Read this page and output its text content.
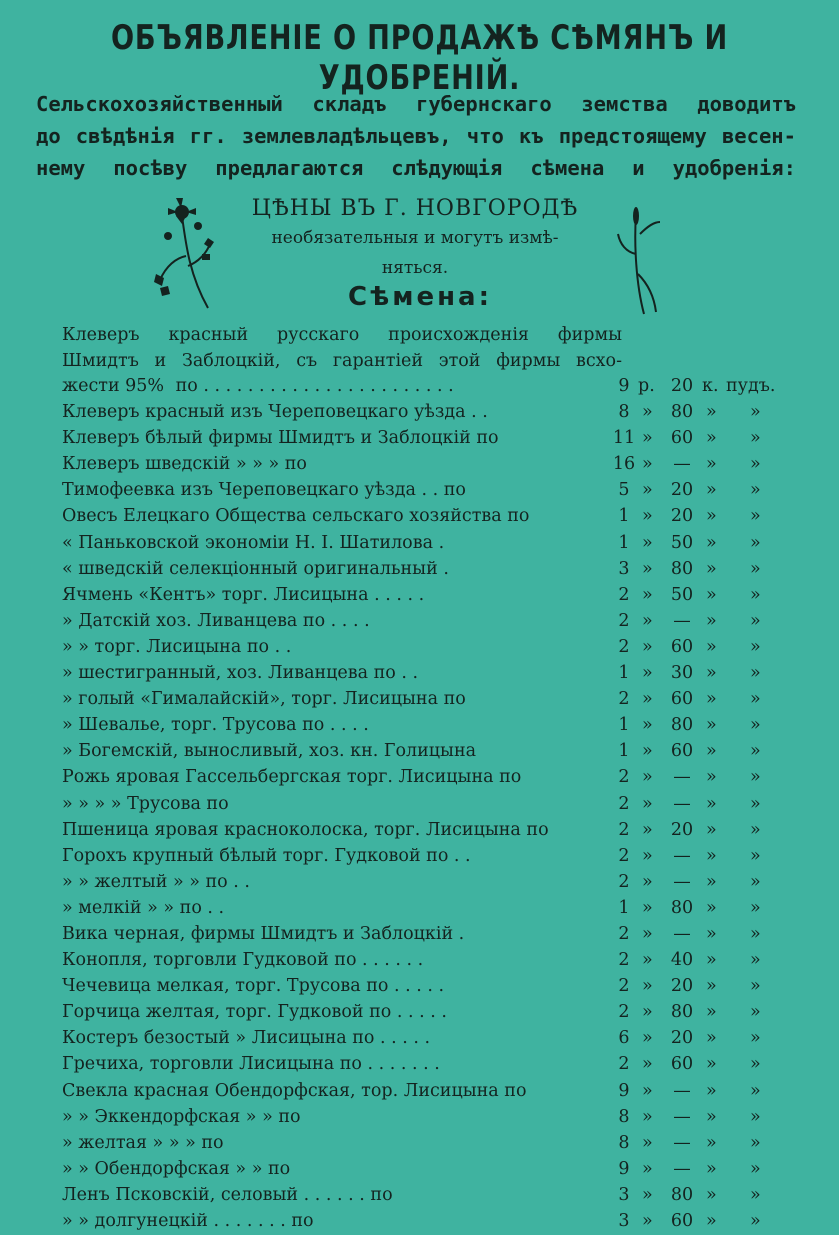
ОБЪЯВЛЕНІЕ О ПРОДАЖѢ СѢМЯНЪ И УДОБРЕНІЙ.
Сельскохозяйственный складъ губернскаго земства доводитъ
до свѣдѣнія гг. землевладѣльцевъ, что къ предстоящему весен-
нему посѣву предлагаются слѣдующія сѣмена и удобренія:
ЦѢНЫ ВЪ Г. НОВГОРОДѢ
необязательныя и могутъ измѣ-
няться.
Сѣмена:
Клеверъ красный русскаго происхожденія фирмы
Шмидтъ и Заблоцкій, съ гарантіей этой фирмы всхо-
жести 95% по . . . . . . . . . . . . . . . . . . . . . . .	9 р. 20 к. пудъ.
Клеверъ красный изъ Череповецкаго уѣзда . .	8 » 80 » »
Клеверъ бѣлый фирмы Шмидтъ и Заблоцкій по	11 » 60 » »
Клеверъ шведскій » » » по	16 »	— » »
Тимофеевка изъ Череповецкаго уѣзда . . по	5 » 20 » »
Овесъ Елецкаго Общества сельскаго хозяйства по	1 » 20 » »
« Паньковской экономіи Н. І. Шатилова .	1 » 50 » »
« шведскій селекціонный оригинальный .	3 » 80 » »
Ячмень «Кентъ» торг. Лисицына . . . . .	2 » 50 » »
» Датскій хоз. Ливанцева по . . . .	2 »	— » »
» » торг. Лисицына по . .	2 » 60 » »
» шестигранный, хоз. Ливанцева по . .	1 » 30 » »
» голый «Гималайскій», торг. Лисицына по	2 » 60 » »
» Шевалье, торг. Трусова по . . . .	1 » 80 » »
» Богемскій, выносливый, хоз. кн. Голицына	1 » 60 » »
Рожь яровая Гассельбергская торг. Лисицына по	2 »	— » »
» » » » Трусова по	2 »	— » »
Пшеница яровая красноколоска, торг. Лисицына по	2 » 20 » »
Горохъ крупный бѣлый торг. Гудковой по . .	2 »	— » »
» » желтый » » по . .	2 »	— » »
» мелкій » » по . .	1 » 80 » »
Вика черная, фирмы Шмидтъ и Заблоцкій .	2 »	— » »
Конопля, торговли Гудковой по . . . . . .	2 » 40 » »
Чечевица мелкая, торг. Трусова по . . . . .	2 » 20 » »
Горчица желтая, торг. Гудковой по . . . . .	2 » 80 » »
Костеръ безостый » Лисицына по . . . . .	6 » 20 » »
Гречиха, торговли Лисицына по . . . . . . .	2 » 60 » »
Свекла красная Обендорфская, тор. Лисицына по	9 »	— » »
» » Эккендорфская » » по	8 »	— » »
» желтая » » » по	8 »	— » »
» » Обендорфская » » по	9 »	— » »
Ленъ Псковскій, селовый . . . . . . по	3 » 80 » »
» » долгунецкій . . . . . . . по	3 » 60 » »
